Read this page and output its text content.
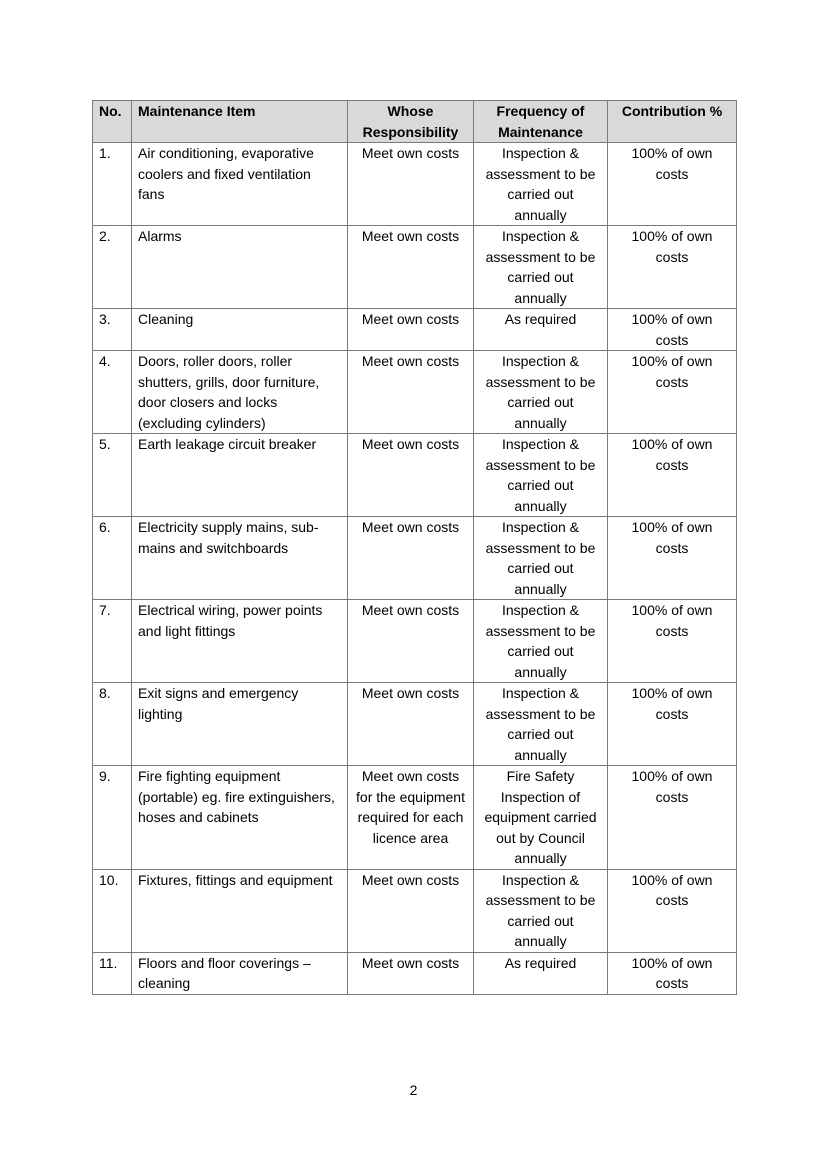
No.	Maintenance Item	Whose Responsibility	Frequency of Maintenance	Contribution %
1.	Air conditioning, evaporative coolers and fixed ventilation fans	Meet own costs	Inspection & assessment to be carried out annually	100% of own costs
2.	Alarms	Meet own costs	Inspection & assessment to be carried out annually	100% of own costs
3.	Cleaning	Meet own costs	As required	100% of own costs
4.	Doors, roller doors, roller shutters, grills, door furniture, door closers and locks (excluding cylinders)	Meet own costs	Inspection & assessment to be carried out annually	100% of own costs
5.	Earth leakage circuit breaker	Meet own costs	Inspection & assessment to be carried out annually	100% of own costs
6.	Electricity supply mains, sub-mains and switchboards	Meet own costs	Inspection & assessment to be carried out annually	100% of own costs
7.	Electrical wiring, power points and light fittings	Meet own costs	Inspection & assessment to be carried out annually	100% of own costs
8.	Exit signs and emergency lighting	Meet own costs	Inspection & assessment to be carried out annually	100% of own costs
9.	Fire fighting equipment (portable) eg. fire extinguishers, hoses and cabinets	Meet own costs for the equipment required for each licence area	Fire Safety Inspection of equipment carried out by Council annually	100% of own costs
10.	Fixtures, fittings and equipment	Meet own costs	Inspection & assessment to be carried out annually	100% of own costs
11.	Floors and floor coverings – cleaning	Meet own costs	As required	100% of own costs
2
